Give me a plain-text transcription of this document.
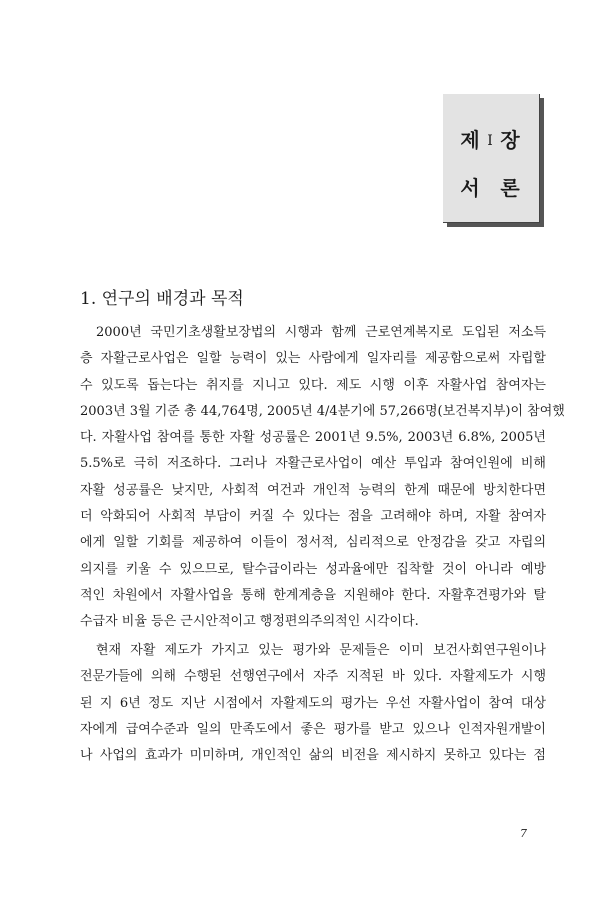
제 I 장
서 론
1. 연구의 배경과 목적

2000년 국민기초생활보장법의 시행과 함께 근로연계복지로 도입된 저소득
층 자활근로사업은 일할 능력이 있는 사람에게 일자리를 제공함으로써 자립할
수 있도록 돕는다는 취지를 지니고 있다. 제도 시행 이후 자활사업 참여자는
2003년 3월 기준 총 44,764명, 2005년 4/4분기에 57,266명(보건복지부)이 참여했
다. 자활사업 참여를 통한 자활 성공률은 2001년 9.5%, 2003년 6.8%, 2005년
5.5%로 극히 저조하다. 그러나 자활근로사업이 예산 투입과 참여인원에 비해
자활 성공률은 낮지만, 사회적 여건과 개인적 능력의 한계 때문에 방치한다면
더 악화되어 사회적 부담이 커질 수 있다는 점을 고려해야 하며, 자활 참여자
에게 일할 기회를 제공하여 이들이 정서적, 심리적으로 안정감을 갖고 자립의
의지를 키울 수 있으므로, 탈수급이라는 성과율에만 집착할 것이 아니라 예방
적인 차원에서 자활사업을 통해 한계계층을 지원해야 한다. 자활후견평가와 탈
수급자 비율 등은 근시안적이고 행정편의주의적인 시각이다.

현재 자활 제도가 가지고 있는 평가와 문제들은 이미 보건사회연구원이나
전문가들에 의해 수행된 선행연구에서 자주 지적된 바 있다. 자활제도가 시행
된 지 6년 정도 지난 시점에서 자활제도의 평가는 우선 자활사업이 참여 대상
자에게 급여수준과 일의 만족도에서 좋은 평가를 받고 있으나 인적자원개발이
나 사업의 효과가 미미하며, 개인적인 삶의 비전을 제시하지 못하고 있다는 점

7
